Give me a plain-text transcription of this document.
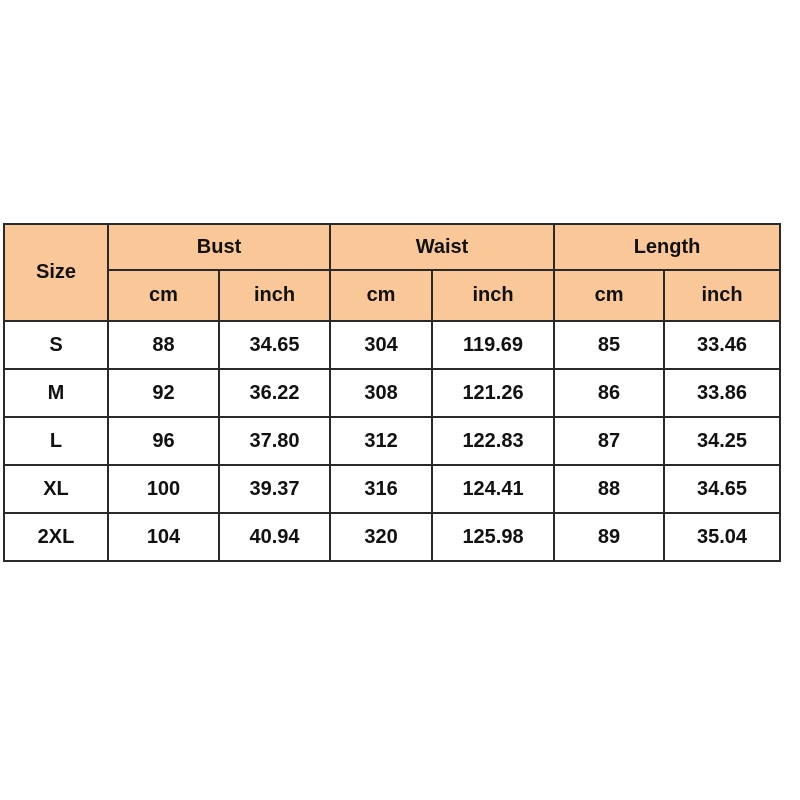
Size	Bust		Waist		Length	
	cm	inch	cm	inch	cm	inch
S	88	34.65	304	119.69	85	33.46
M	92	36.22	308	121.26	86	33.86
L	96	37.80	312	122.83	87	34.25
XL	100	39.37	316	124.41	88	34.65
2XL	104	40.94	320	125.98	89	35.04
